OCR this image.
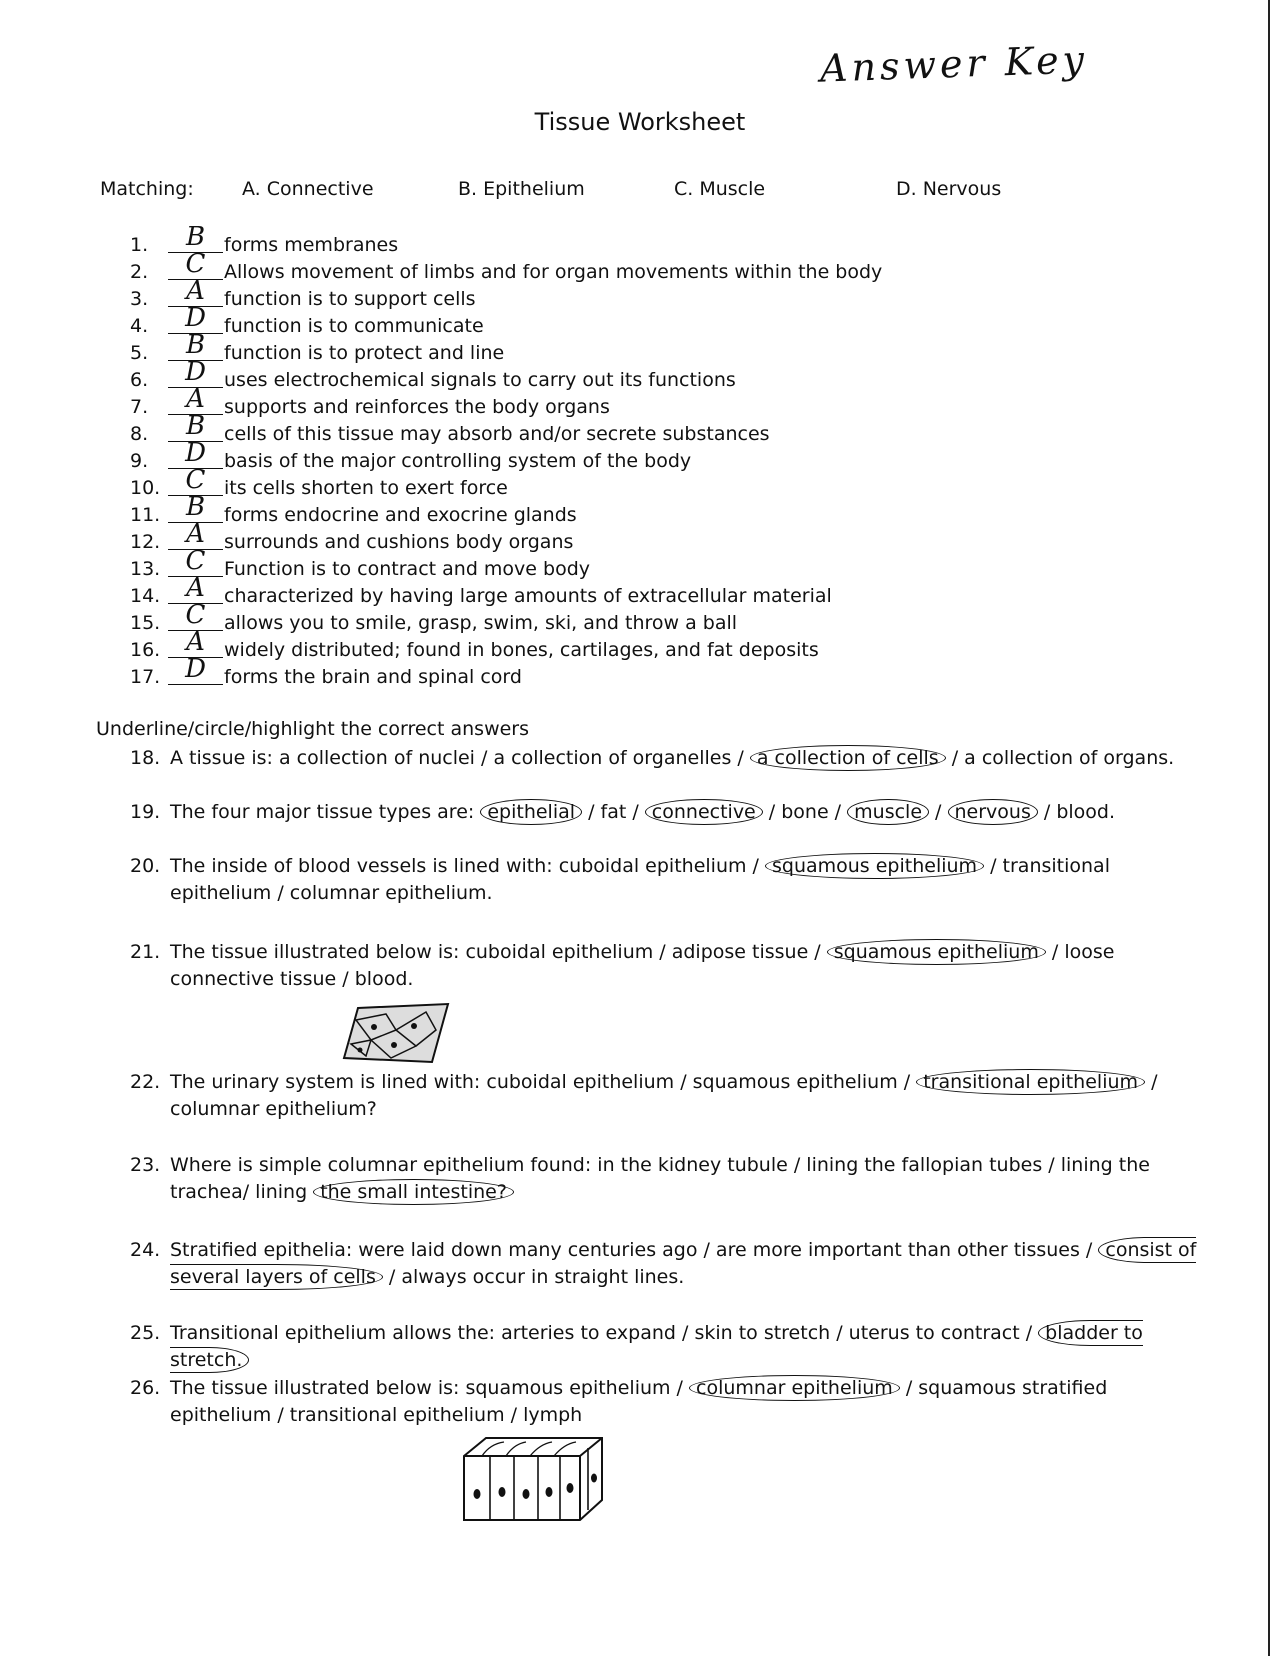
Answer Key
Tissue Worksheet
Matching:	A. Connective	B. Epithelium	C. Muscle	D. Nervous
1.	B forms membranes
2.	C Allows movement of limbs and for organ movements within the body
3.	A	function is to support cells
4.	D function is to communicate
5.	B function is to protect and line
6.	D uses electrochemical signals to carry out its functions
7.	A	supports and reinforces the body organs
8.	B cells of this tissue may absorb and/or secrete substances
9.	D basis of the major controlling system of the body
10. C its cells shorten to exert force
11. B forms endocrine and exocrine glands
12. A	surrounds and cushions body organs
13. C Function is to contract and move body
14. A	characterized by having large amounts of extracellular material
15. C allows you to smile, grasp, swim, ski, and throw a ball
16. A	widely distributed; found in bones, cartilages, and fat deposits
17. D forms the brain and spinal cord
Underline/circle/highlight the correct answers
18. A tissue is: a collection of nuclei / a collection of organelles / a collection of cells / a collection of organs.
19. The four major tissue types are: epithelial / fat / connective / bone / muscle / nervous / blood.
20. The inside of blood vessels is lined with: cuboidal epithelium / squamous epithelium / transitional epithelium / columnar epithelium.
21. The tissue illustrated below is: cuboidal epithelium / adipose tissue / squamous epithelium / loose connective tissue / blood.
22. The urinary system is lined with: cuboidal epithelium / squamous epithelium / transitional epithelium / columnar epithelium?
23. Where is simple columnar epithelium found: in the kidney tubule / lining the fallopian tubes / lining the trachea/ lining the small intestine?
24. Stratified epithelia: were laid down many centuries ago / are more important than other tissues / consist of several layers of cells / always occur in straight lines.
25. Transitional epithelium allows the: arteries to expand / skin to stretch / uterus to contract / bladder to stretch.
26. The tissue illustrated below is: squamous epithelium / columnar epithelium / squamous stratified epithelium / transitional epithelium / lymph
